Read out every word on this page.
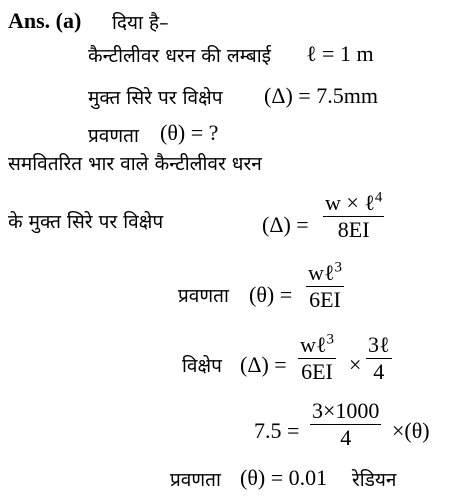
Ans. (a) दिया है–
कैन्टीलीवर धरन की लम्बाई ℓ = 1 m
मुक्त सिरे पर विक्षेप (Δ) = 7.5mm
प्रवणता (θ) = ?
समवितरित भार वाले कैन्टीलीवर धरन
के मुक्त सिरे पर विक्षेप	(Δ) =
w × ℓ$^4$
8EI
प्रवणता (θ) =
wℓ$^3$
6EI
विक्षेप (Δ) =
wℓ$^3$
6EI ×
3ℓ
4
$7.5 = \frac{3\times 1000}{4} \times(\theta)$
प्रवणता (θ) = 0.01 रेडियन
